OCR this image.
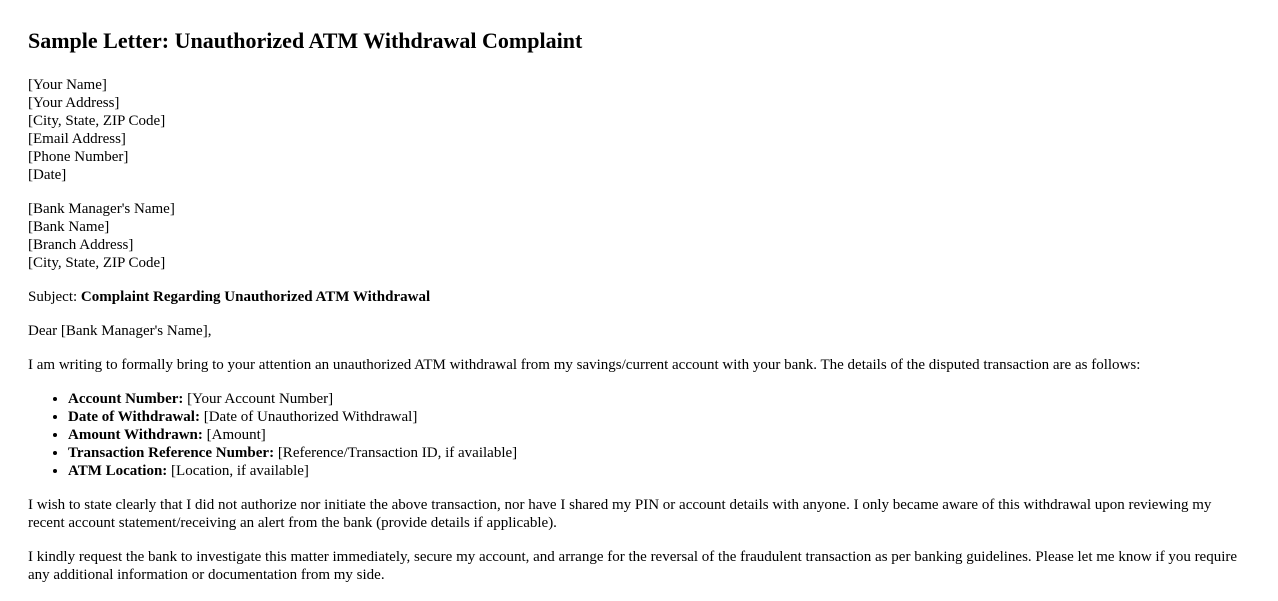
Sample Letter: Unauthorized ATM Withdrawal Complaint
[Your Name]
[Your Address]
[City, State, ZIP Code]
[Email Address]
[Phone Number]
[Date]
[Bank Manager's Name]
[Bank Name]
[Branch Address]
[City, State, ZIP Code]
Subject: Complaint Regarding Unauthorized ATM Withdrawal
Dear [Bank Manager's Name],
I am writing to formally bring to your attention an unauthorized ATM withdrawal from my savings/current account with your bank. The details of the disputed transaction are as follows:
• Account Number: [Your Account Number]
• Date of Withdrawal: [Date of Unauthorized Withdrawal]
• Amount Withdrawn: [Amount]
• Transaction Reference Number: [Reference/Transaction ID, if available]
• ATM Location: [Location, if available]
I wish to state clearly that I did not authorize nor initiate the above transaction, nor have I shared my PIN or account details with anyone. I only became aware of this withdrawal upon reviewing my recent account statement/receiving an alert from the bank (provide details if applicable).
I kindly request the bank to investigate this matter immediately, secure my account, and arrange for the reversal of the fraudulent transaction as per banking guidelines. Please let me know if you require any additional information or documentation from my side.
